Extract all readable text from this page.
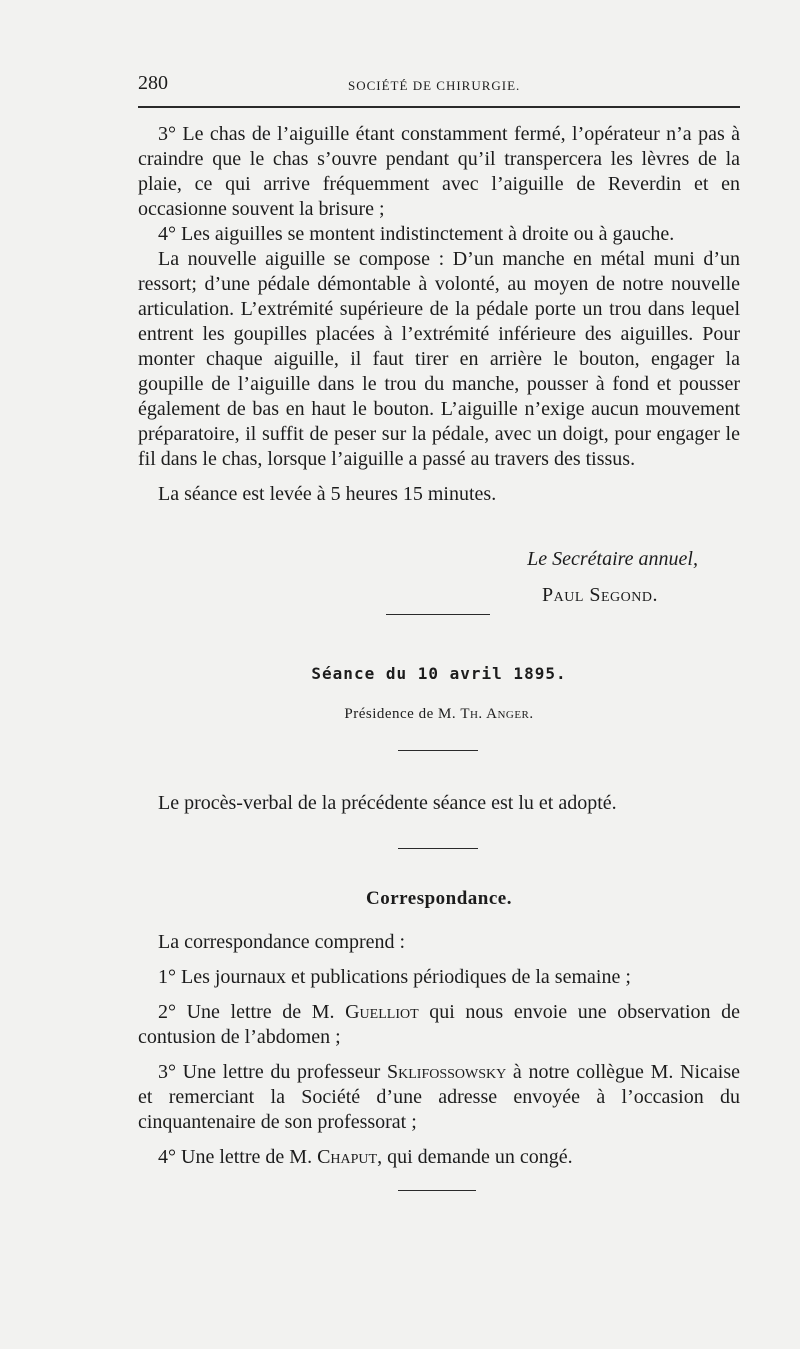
280	SOCIÉTÉ DE CHIRURGIE.

3° Le chas de l’aiguille étant constamment fermé, l’opérateur n’a pas à craindre que le chas s’ouvre pendant qu’il transpercera les lèvres de la plaie, ce qui arrive fréquemment avec l’aiguille de Reverdin et en occasionne souvent la brisure ;

4° Les aiguilles se montent indistinctement à droite ou à gauche.

La nouvelle aiguille se compose : D’un manche en métal muni d’un ressort; d’une pédale démontable à volonté, au moyen de notre nouvelle articulation. L’extrémité supérieure de la pédale porte un trou dans lequel entrent les goupilles placées à l’extrémité inférieure des aiguilles. Pour monter chaque aiguille, il faut tirer en arrière le bouton, engager la goupille de l’aiguille dans le trou du manche, pousser à fond et pousser également de bas en haut le bouton. L’aiguille n’exige aucun mouvement préparatoire, il suffit de peser sur la pédale, avec un doigt, pour engager le fil dans le chas, lorsque l’aiguille a passé au travers des tissus.

La séance est levée à 5 heures 15 minutes.

Le Secrétaire annuel,
Paul Segond.
Séance du 10 avril 1895.
Présidence de M. Th. Anger.

Le procès-verbal de la précédente séance est lu et adopté.

Correspondance.

La correspondance comprend :

1° Les journaux et publications périodiques de la semaine ;

2° Une lettre de M. Guelliot qui nous envoie une observation de contusion de l’abdomen ;

3° Une lettre du professeur Sklifossowsky à notre collègue M. Nicaise et remerciant la Société d’une adresse envoyée à l’occasion du cinquantenaire de son professorat ;

4° Une lettre de M. Chaput, qui demande un congé.
